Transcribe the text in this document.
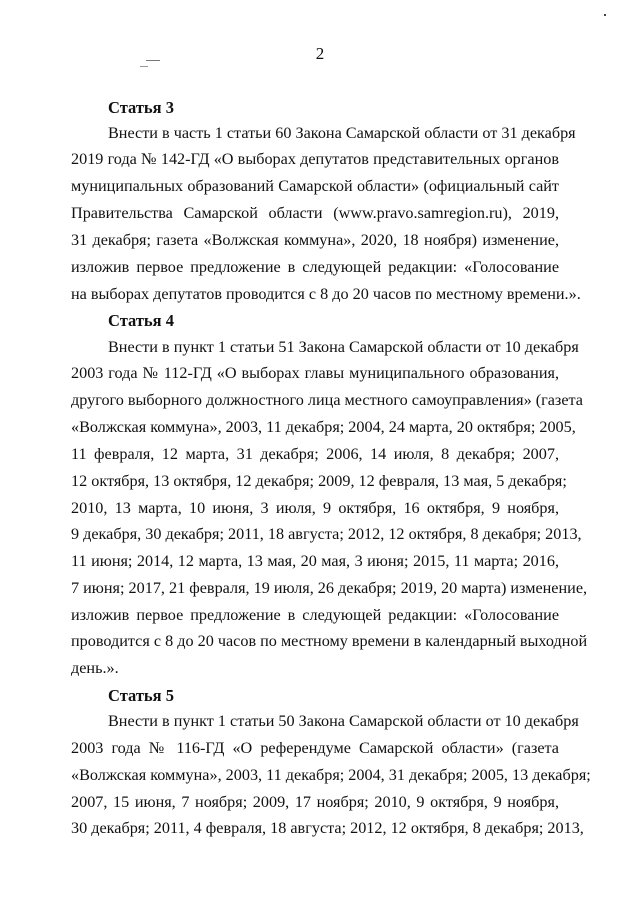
2
Статья 3
Внести в часть 1 статьи 60 Закона Самарской области от 31 декабря
2019 года № 142-ГД «О выборах депутатов представительных органов
муниципальных образований Самарской области» (официальный сайт
Правительства Самарской области (www.pravo.samregion.ru), 2019,
31 декабря; газета «Волжская коммуна», 2020, 18 ноября) изменение,
изложив первое предложение в следующей редакции: «Голосование
на выборах депутатов проводится с 8 до 20 часов по местному времени.».
Статья 4
Внести в пункт 1 статьи 51 Закона Самарской области от 10 декабря
2003 года № 112-ГД «О выборах главы муниципального образования,
другого выборного должностного лица местного самоуправления» (газета
«Волжская коммуна», 2003, 11 декабря; 2004, 24 марта, 20 октября; 2005,
11 февраля, 12 марта, 31 декабря; 2006, 14 июля, 8 декабря; 2007,
12 октября, 13 октября, 12 декабря; 2009, 12 февраля, 13 мая, 5 декабря;
2010, 13 марта, 10 июня, 3 июля, 9 октября, 16 октября, 9 ноября,
9 декабря, 30 декабря; 2011, 18 августа; 2012, 12 октября, 8 декабря; 2013,
11 июня; 2014, 12 марта, 13 мая, 20 мая, 3 июня; 2015, 11 марта; 2016,
7 июня; 2017, 21 февраля, 19 июля, 26 декабря; 2019, 20 марта) изменение,
изложив первое предложение в следующей редакции: «Голосование
проводится с 8 до 20 часов по местному времени в календарный выходной
день.».
Статья 5
Внести в пункт 1 статьи 50 Закона Самарской области от 10 декабря
2003 года № 116-ГД «О референдуме Самарской области» (газета
«Волжская коммуна», 2003, 11 декабря; 2004, 31 декабря; 2005, 13 декабря;
2007, 15 июня, 7 ноября; 2009, 17 ноября; 2010, 9 октября, 9 ноября,
30 декабря; 2011, 4 февраля, 18 августа; 2012, 12 октября, 8 декабря; 2013,
